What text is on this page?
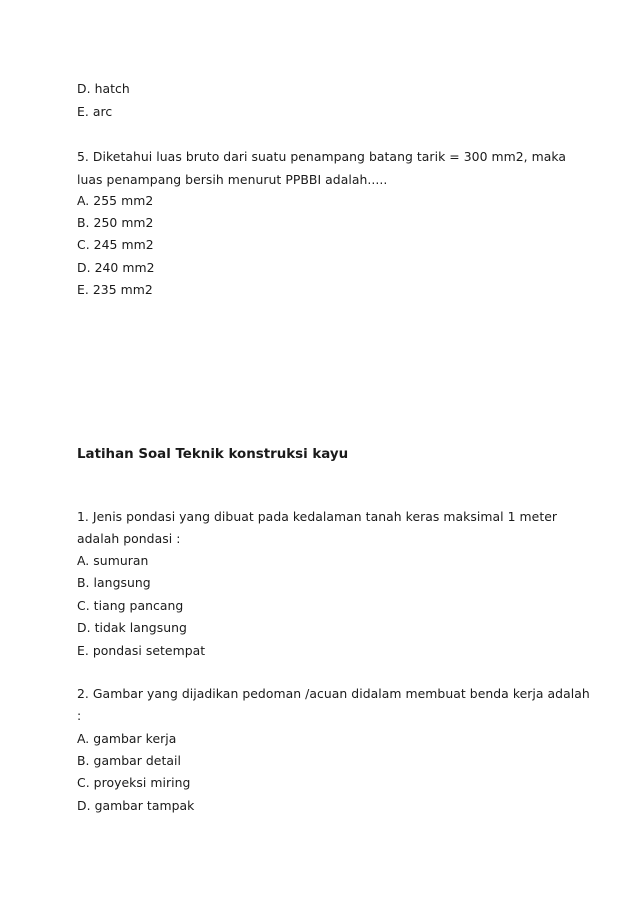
D. hatch
E. arc
5. Diketahui luas bruto dari suatu penampang batang tarik = 300 mm2, maka
luas penampang bersih menurut PPBBI adalah.....
A. 255 mm2
B. 250 mm2
C. 245 mm2
D. 240 mm2
E. 235 mm2
Latihan Soal Teknik konstruksi kayu
1. Jenis pondasi yang dibuat pada kedalaman tanah keras maksimal 1 meter
adalah pondasi :
A. sumuran
B. langsung
C. tiang pancang
D. tidak langsung
E. pondasi setempat
2. Gambar yang dijadikan pedoman /acuan didalam membuat benda kerja adalah
:
A. gambar kerja
B. gambar detail
C. proyeksi miring
D. gambar tampak
